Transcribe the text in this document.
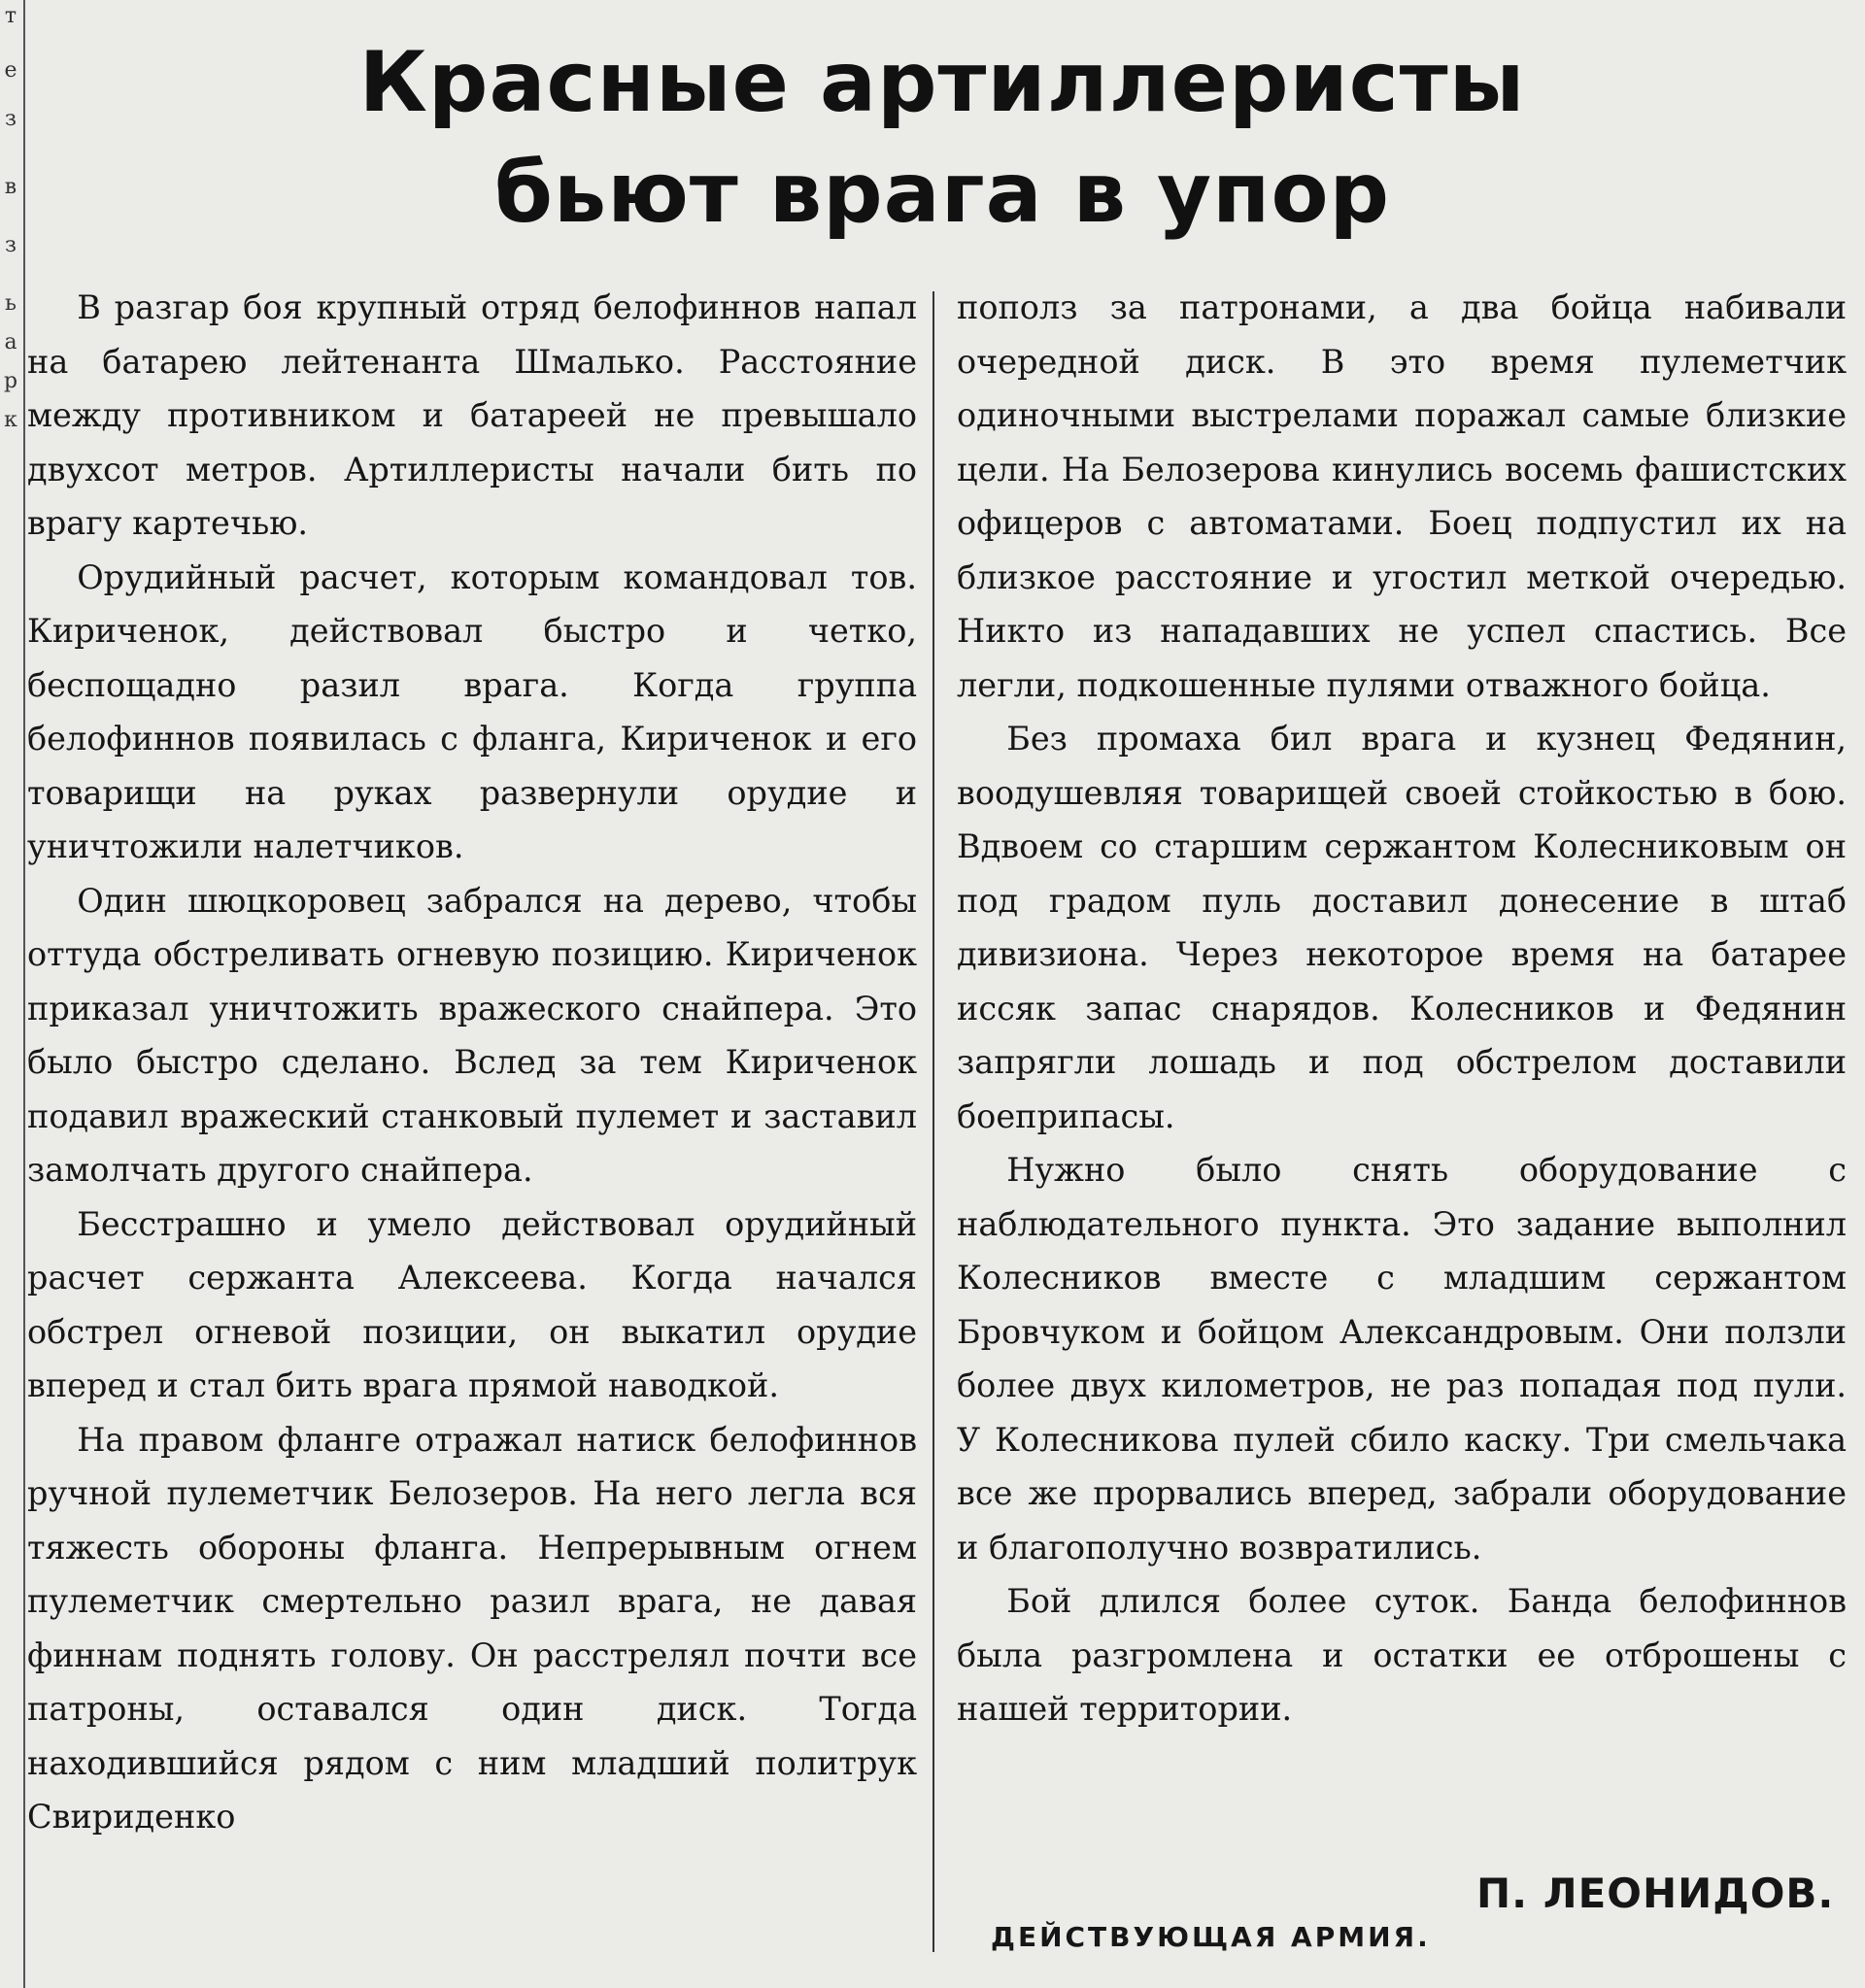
т
е
з
в
з
ь
а
р
к
Красные артиллеристы
бьют врага в упор

В разгар боя крупный отряд белофиннов напал на батарею лейтенанта Шмалько. Расстояние между противником и батареей не превышало двухсот метров. Артиллеристы начали бить по врагу картечью.

Орудийный расчет, которым командовал тов. Кириченок, действовал быстро и четко, беспощадно разил врага. Когда группа белофиннов появилась с фланга, Кириченок и его товарищи на руках развернули орудие и уничтожили налетчиков.

Один шюцкоровец забрался на дерево, чтобы оттуда обстреливать огневую позицию. Кириченок приказал уничтожить вражеского снайпера. Это было быстро сделано. Вслед за тем Кириченок подавил вражеский станковый пулемет и заставил замолчать другого снайпера.

Бесстрашно и умело действовал орудийный расчет сержанта Алексеева. Когда начался обстрел огневой позиции, он выкатил орудие вперед и стал бить врага прямой наводкой.

На правом фланге отражал натиск белофиннов ручной пулеметчик Белозеров. На него легла вся тяжесть обороны фланга. Непрерывным огнем пулеметчик смертельно разил врага, не давая финнам поднять голову. Он расстрелял почти все патроны, оставался один диск. Тогда находившийся рядом с ним младший политрук Свириденко

пополз за патронами, а два бойца набивали очередной диск. В это время пулеметчик одиночными выстрелами поражал самые близкие цели. На Белозерова кинулись восемь фашистских офицеров с автоматами. Боец подпустил их на близкое расстояние и угостил меткой очередью. Никто из нападавших не успел спастись. Все легли, подкошенные пулями отважного бойца.

Без промаха бил врага и кузнец Федянин, воодушевляя товарищей своей стойкостью в бою. Вдвоем со старшим сержантом Колесниковым он под градом пуль доставил донесение в штаб дивизиона. Через некоторое время на батарее иссяк запас снарядов. Колесников и Федянин запрягли лошадь и под обстрелом доставили боеприпасы.

Нужно было снять оборудование с наблюдательного пункта. Это задание выполнил Колесников вместе с младшим сержантом Бровчуком и бойцом Александровым. Они ползли более двух километров, не раз попадая под пули. У Колесникова пулей сбило каску. Три смельчака все же прорвались вперед, забрали оборудование и благополучно возвратились.

Бой длился более суток. Банда белофиннов была разгромлена и остатки ее отброшены с нашей территории.

П. ЛЕОНИДОВ.
ДЕЙСТВУЮЩАЯ АРМИЯ.
